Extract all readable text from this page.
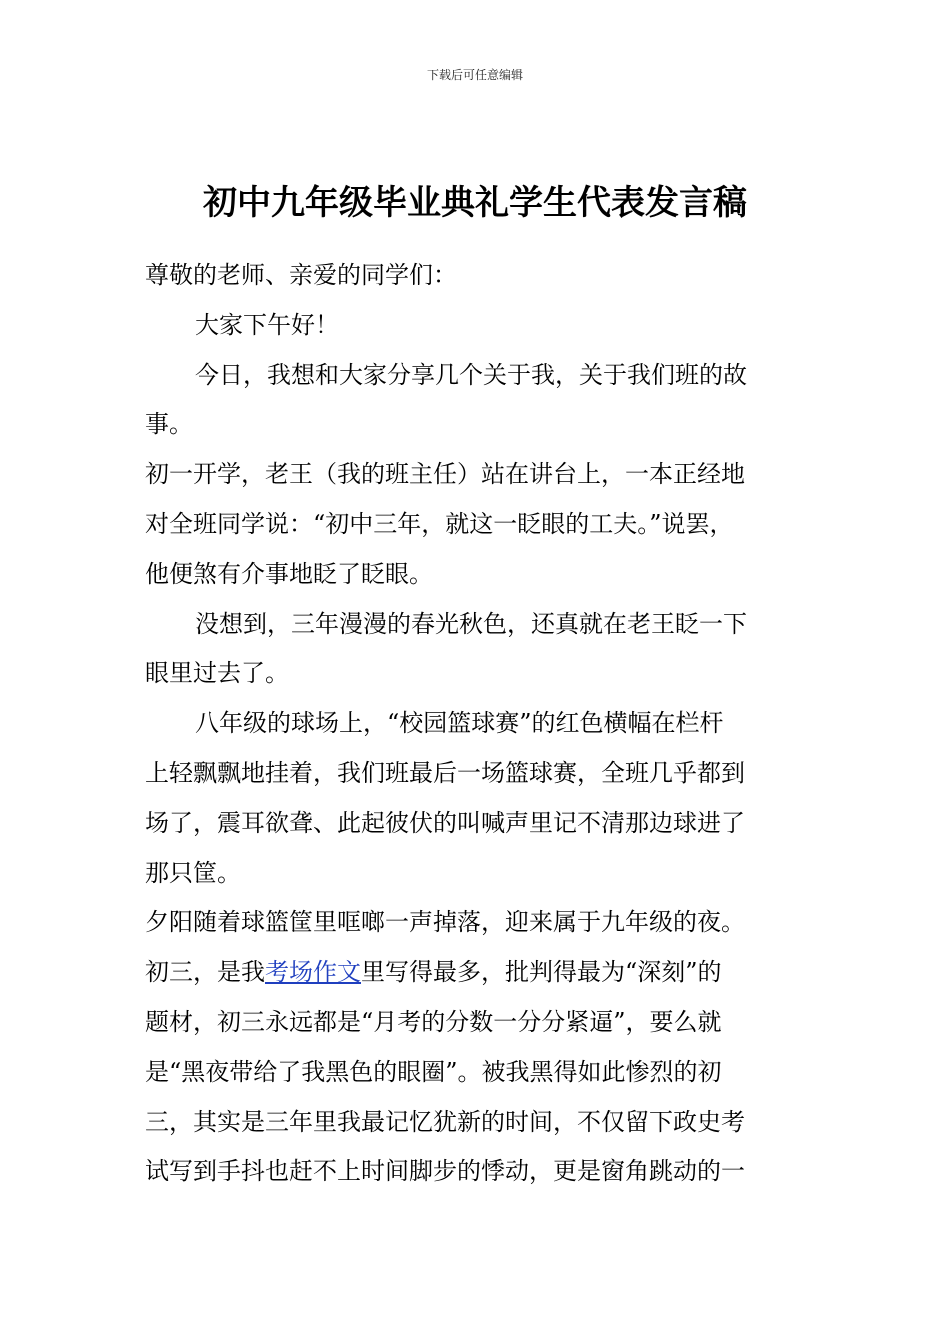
下载后可任意编辑
初中九年级毕业典礼学生代表发言稿
尊敬的老师、亲爱的同学们：
大家下午好！
今日，我想和大家分享几个关于我，关于我们班的故
事。
初一开学，老王（我的班主任）站在讲台上，一本正经地
对全班同学说：“初中三年，就这一眨眼的工夫。”说罢，
他便煞有介事地眨了眨眼。
没想到，三年漫漫的春光秋色，还真就在老王眨一下
眼里过去了。
八年级的球场上，“校园篮球赛”的红色横幅在栏杆
上轻飘飘地挂着，我们班最后一场篮球赛，全班几乎都到
场了，震耳欲聋、此起彼伏的叫喊声里记不清那边球进了
那只筐。
夕阳随着球篮筐里哐啷一声掉落，迎来属于九年级的夜。
初三，是我考场作文里写得最多，批判得最为“深刻”的
题材，初三永远都是“月考的分数一分分紧逼”，要么就
是“黑夜带给了我黑色的眼圈”。被我黑得如此惨烈的初
三，其实是三年里我最记忆犹新的时间，不仅留下政史考
试写到手抖也赶不上时间脚步的悸动，更是窗角跳动的一
